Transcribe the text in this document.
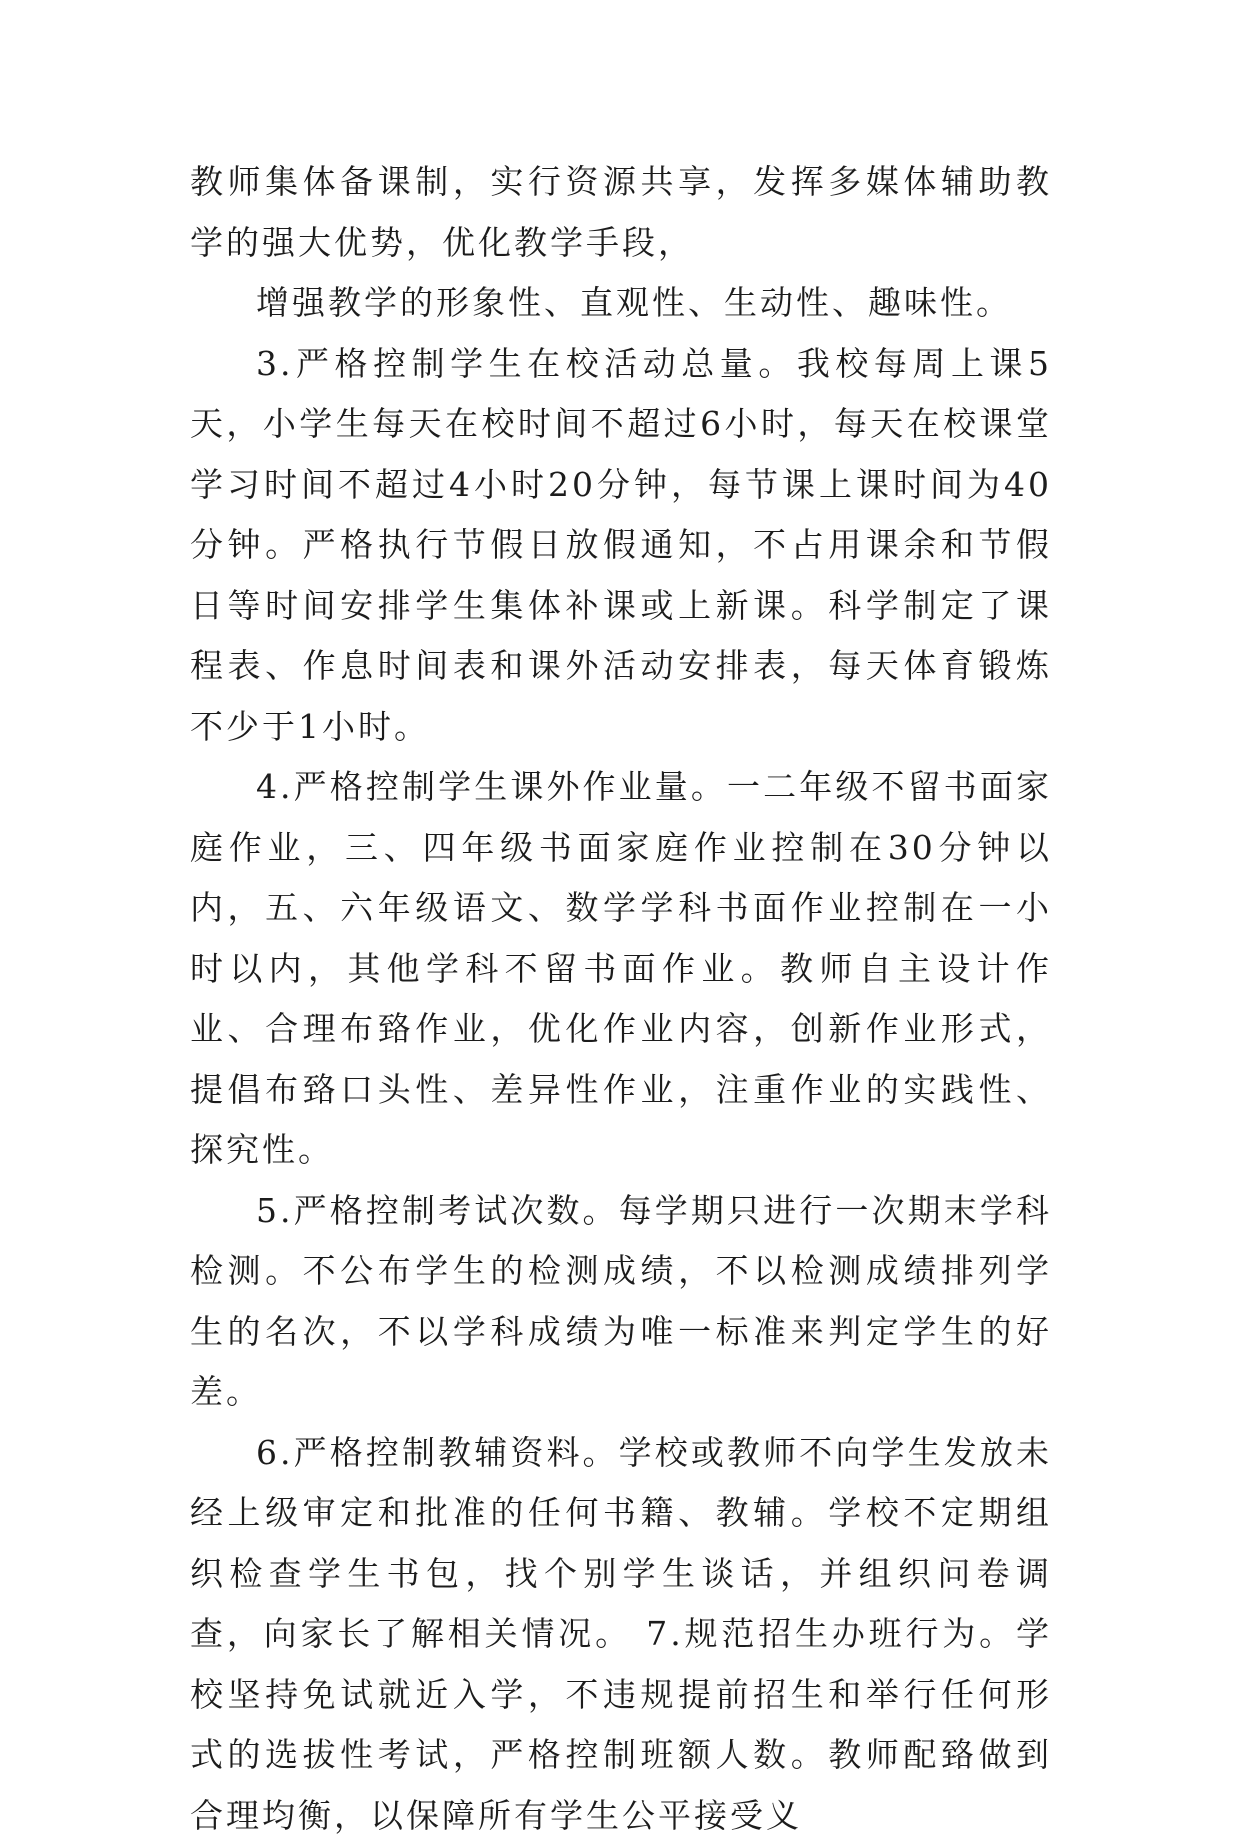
教师集体备课制，实行资源共享，发挥多媒体辅助教学的强大优势，优化教学手段，

增强教学的形象性、直观性、生动性、趣味性。

3.严格控制学生在校活动总量。我校每周上课5天，小学生每天在校时间不超过6小时，每天在校课堂学习时间不超过4小时20分钟，每节课上课时间为40分钟。严格执行节假日放假通知，不占用课余和节假日等时间安排学生集体补课或上新课。科学制定了课程表、作息时间表和课外活动安排表，每天体育锻炼不少于1小时。

4.严格控制学生课外作业量。一二年级不留书面家庭作业，三、四年级书面家庭作业控制在30分钟以内，五、六年级语文、数学学科书面作业控制在一小时以内，其他学科不留书面作业。教师自主设计作业、合理布臵作业，优化作业内容，创新作业形式，提倡布臵口头性、差异性作业，注重作业的实践性、探究性。

5.严格控制考试次数。每学期只进行一次期末学科检测。不公布学生的检测成绩，不以检测成绩排列学生的名次，不以学科成绩为唯一标准来判定学生的好差。

6.严格控制教辅资料。学校或教师不向学生发放未经上级审定和批准的任何书籍、教辅。学校不定期组织检查学生书包，找个别学生谈话，并组织问卷调查，向家长了解相关情况。 7.规范招生办班行为。学校坚持免试就近入学，不违规提前招生和举行任何形式的选拔性考试，严格控制班额人数。教师配臵做到合理均衡，以保障所有学生公平接受义
